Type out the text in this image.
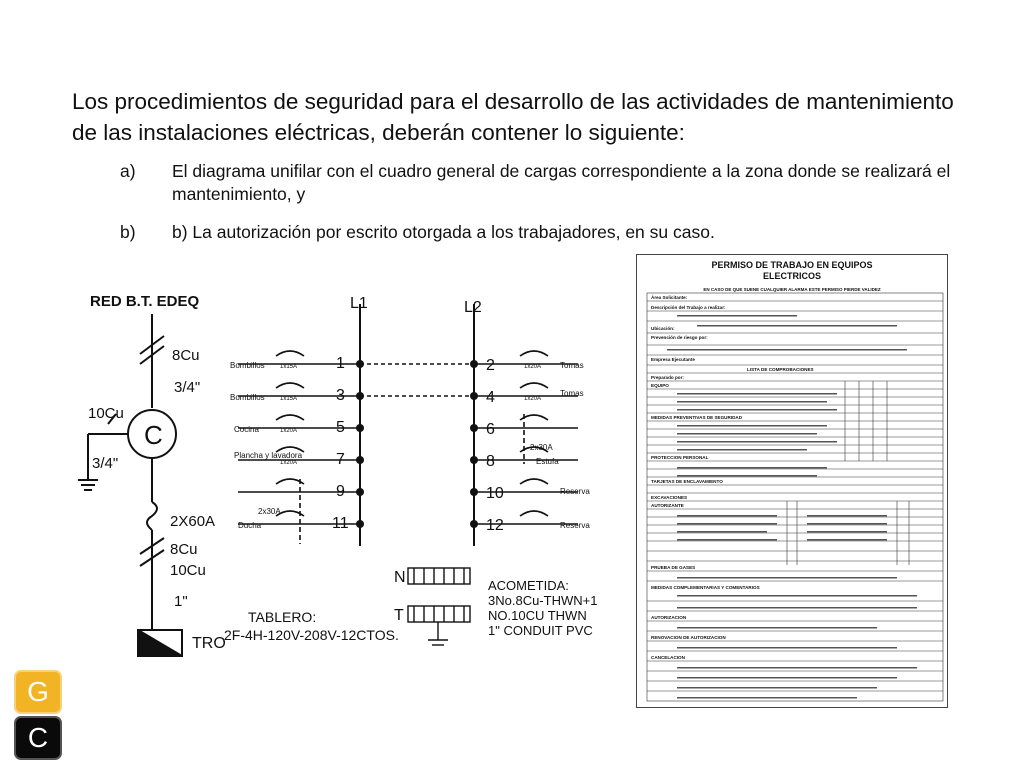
Los procedimientos de seguridad para el desarrollo de las actividades de mantenimiento de las instalaciones eléctricas, deberán contener lo siguiente:

a)	El diagrama unifilar con el cuadro general de cargas correspondiente a la zona donde se realizará el mantenimiento, y
b)	b) La autorización por escrito otorgada a los trabajadores, en su caso.
RED B.T. EDEQ	L1	L2
8Cu
3/4"
10Cu
C
3/4"
2X60A
8Cu
10Cu
1"
TRO
Bombillos
Bombillos
Cocina
Plancha y lavadora
2x30A
Ducha
1x15A
1x15A
1x20A
1x20A
1
3
5
7
9
11
2
4
6
8
10
12
1x20A
1x20A
2x30A
Tomas
Tomas
Estufa
Reserva
Reserva
N
T
TABLERO:
2F-4H-120V-208V-12CTOS.
ACOMETIDA:
3No.8Cu-THWN+1
NO.10CU THWN
1" CONDUIT PVC
PERMISO DE TRABAJO EN EQUIPOS
ELECTRICOS
EN CASO DE QUE SUENE CUALQUIER ALARMA ESTE PERMISO PIERDE VALIDEZ
Área Solicitante:
Descripción del Trabajo a realizar:
Ubicación:
Prevención de riesgo por:
Empresa Ejecutante
LISTA DE COMPROBACIONES
Preparado por:
EQUIPO
MEDIDAS PREVENTIVAS DE SEGURIDAD
PROTECCION PERSONAL
TARJETAS DE ENCLAVAMIENTO
EXCAVACIONES
AUTORIZANTE
PRUEBA DE GASES
MEDIDAS COMPLEMENTARIAS Y COMENTARIOS
AUTORIZACION
RENOVACION DE AUTORIZACION
CANCELACION
G
C
